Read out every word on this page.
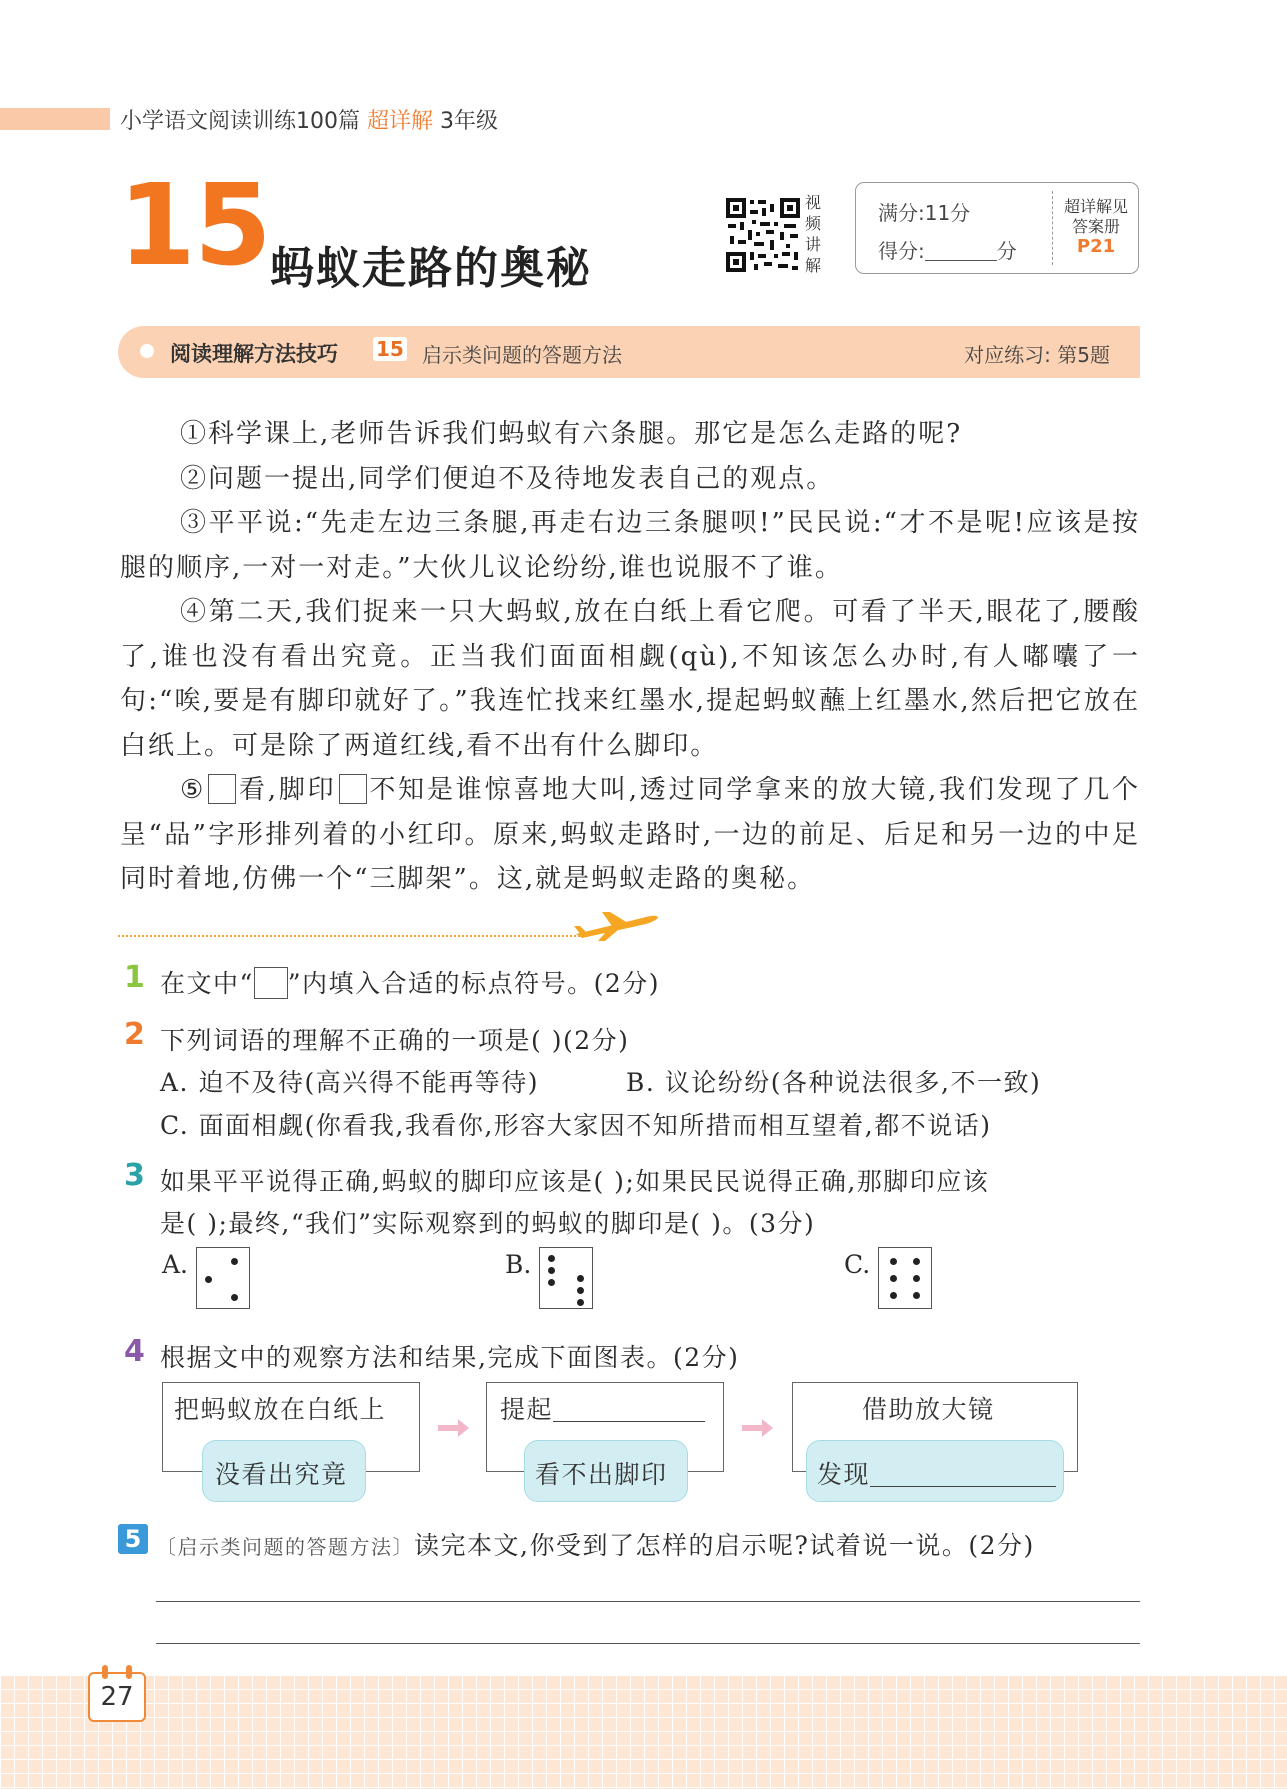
小学语文阅读训练100篇 超详解 3年级
15 蚂蚁走路的奥秘
视频讲解
满分:11分
得分:	分
超详解见
答案册
P21
阅读理解方法技巧 15 启示类问题的答题方法	对应练习: 第5题
①科学课上,老师告诉我们蚂蚁有六条腿。那它是怎么走路的呢?
②问题一提出,同学们便迫不及待地发表自己的观点。
③平平说:“先走左边三条腿,再走右边三条腿呗!”民民说:“才不是呢!应该是按腿的顺序,一对一对走。”大伙儿议论纷纷,谁也说服不了谁。
④第二天,我们捉来一只大蚂蚁,放在白纸上看它爬。可看了半天,眼花了,腰酸了,谁也没有看出究竟。正当我们面面相觑(qù),不知该怎么办时,有人嘟囔了一句:“唉,要是有脚印就好了。”我连忙找来红墨水,提起蚂蚁蘸上红墨水,然后把它放在白纸上。可是除了两道红线,看不出有什么脚印。
⑤ 看,脚印 不知是谁惊喜地大叫,透过同学拿来的放大镜,我们发现了几个呈“品”字形排列着的小红印。原来,蚂蚁走路时,一边的前足、后足和另一边的中足同时着地,仿佛一个“三脚架”。这,就是蚂蚁走路的奥秘。
1 在文中“ ”内填入合适的标点符号。(2分)
2 下列词语的理解不正确的一项是( )(2分)
A. 迫不及待(高兴得不能再等待)	B. 议论纷纷(各种说法很多,不一致)
C. 面面相觑(你看我,我看你,形容大家因不知所措而相互望着,都不说话)
3 如果平平说得正确,蚂蚁的脚印应该是( );如果民民说得正确,那脚印应该
是( );最终,“我们”实际观察到的蚂蚁的脚印是( )。(3分)
A.	B.	C.
4 根据文中的观察方法和结果,完成下面图表。(2分)
把蚂蚁放在白纸上
没看出究竟
提起
看不出脚印
借助放大镜
发现
5 〔启示类问题的答题方法〕读完本文,你受到了怎样的启示呢?试着说一说。(2分)
27
